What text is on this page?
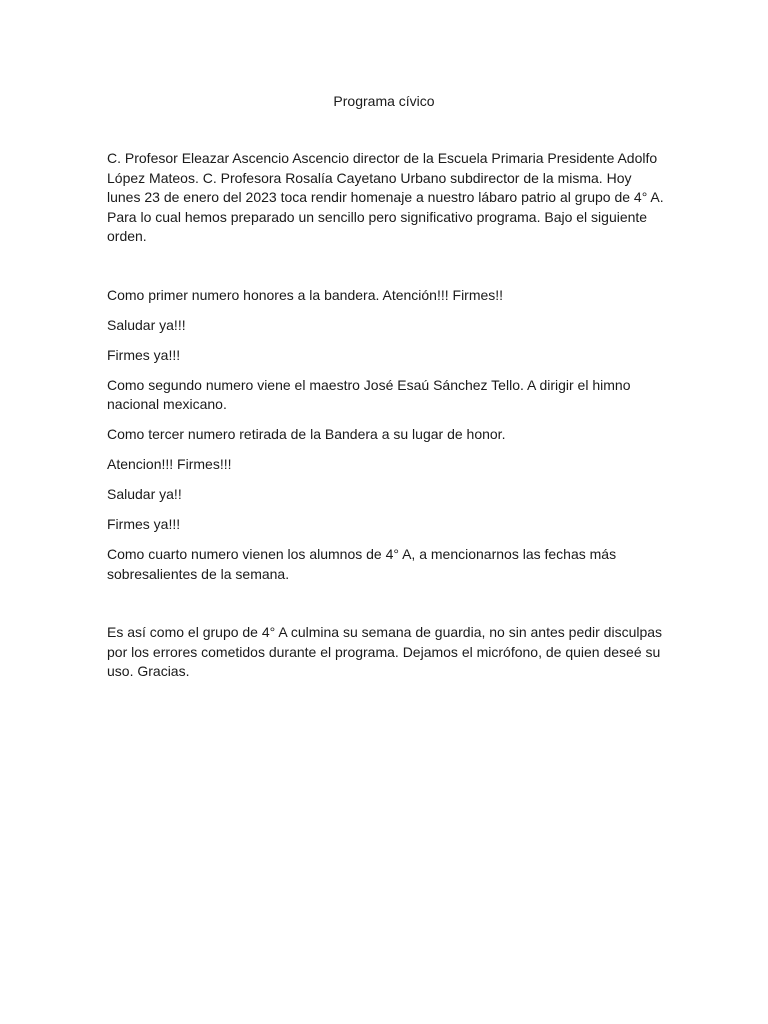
Programa cívico

C. Profesor Eleazar Ascencio Ascencio director de la Escuela Primaria Presidente Adolfo López Mateos. C. Profesora Rosalía Cayetano Urbano subdirector de la misma. Hoy lunes 23 de enero del 2023 toca rendir homenaje a nuestro lábaro patrio al grupo de 4° A. Para lo cual hemos preparado un sencillo pero significativo programa. Bajo el siguiente orden.

Como primer numero honores a la bandera. Atención!!! Firmes!!

Saludar ya!!!

Firmes ya!!!

Como segundo numero viene el maestro José Esaú Sánchez Tello. A dirigir el himno nacional mexicano.

Como tercer numero retirada de la Bandera a su lugar de honor.

Atencion!!! Firmes!!!

Saludar ya!!

Firmes ya!!!

Como cuarto numero vienen los alumnos de 4° A, a mencionarnos las fechas más sobresalientes de la semana.

Es así como el grupo de 4° A culmina su semana de guardia, no sin antes pedir disculpas por los errores cometidos durante el programa. Dejamos el micrófono, de quien deseé su uso. Gracias.
